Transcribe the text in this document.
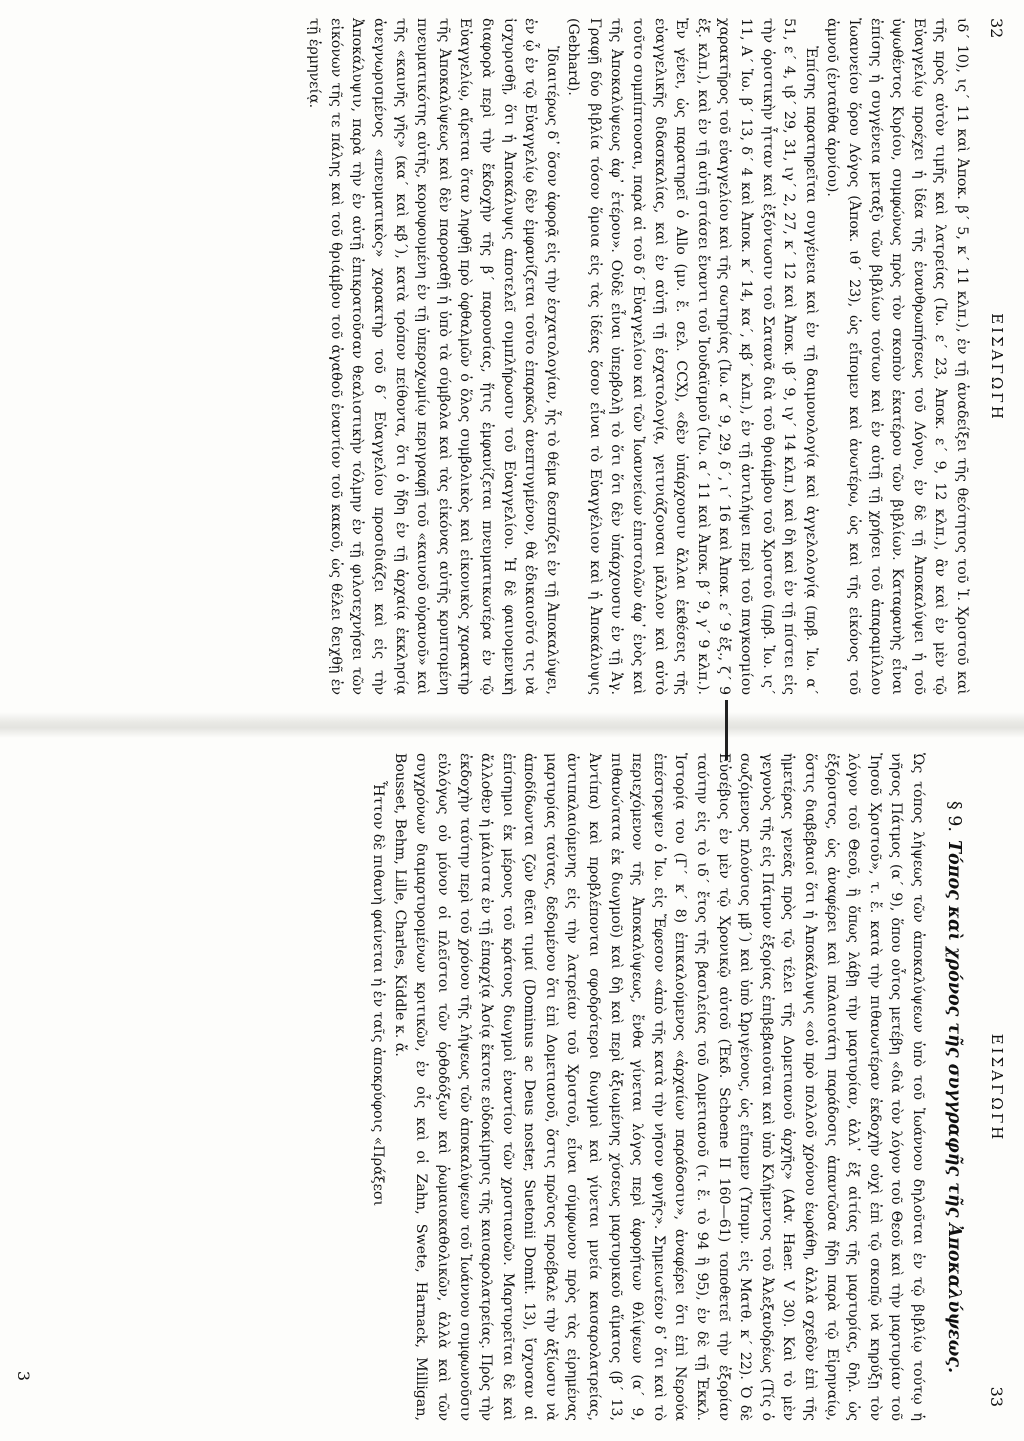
32
ΕΙΣΑΓΩΓΗ

ιδ΄ 10), ις΄ 11 καὶ Ἀποκ. β΄ 5, κ΄ 11 κλπ.), ἐν τῇ ἀναδείξει τῆς θεότητος τοῦ Ἰ. Χριστοῦ καὶ τῆς πρὸς αὐτὸν τιμῆς καὶ λατρείας (Ἰω. ε΄ 23, Ἀποκ. ε΄ 9, 12 κλπ.), ἂν καὶ ἐν μὲν τῷ Εὐαγγελίῳ προέχει ἡ ἰδέα τῆς ἐνανθρωπήσεως τοῦ Λόγου, ἐν δὲ τῇ Ἀποκαλύψει ἡ τοῦ ὑψωθέντος Κυρίου, συμφώνως πρὸς τὸν σκοπὸν ἑκατέρου τῶν βιβλίων. Καταφανὴς εἶναι ἐπίσης ἡ συγγένεια μεταξὺ τῶν βιβλίων τούτων καὶ ἐν αὐτῇ τῇ χρήσει τοῦ ἀπαραμίλλου Ἰωαννείου ὅρου Λόγος (Ἀποκ. ιθ΄ 23), ὡς εἴπομεν καὶ ἀνωτέρω, ὡς καὶ τῆς εἰκόνος τοῦ ἀμνοῦ (ἐνταῦθα ἀρνίου).

Ἐπίσης παρατηρεῖται συγγένεια καὶ ἐν τῇ δαιμονολογίᾳ καὶ ἀγγελολογίᾳ (πρβ. Ἰω. α΄ 51, ε΄ 4, ιβ΄ 29, 31, ιγ΄ 2, 27, κ΄ 12 καὶ Ἀποκ. ιβ΄ 9, ιγ΄ 14 κλπ.) καὶ δὴ καὶ ἐν τῇ πίστει εἰς τὴν ὁριστικὴν ἧτταν καὶ ἐξόντωσιν τοῦ Σατανᾶ διὰ τοῦ θριάμβου τοῦ Χριστοῦ (πρβ. Ἰω. ις΄ 11, Α΄ Ἰω. β΄ 13, δ΄ 4 καὶ Ἀποκ. κ΄ 14, κα΄, κβ΄ κλπ.), ἐν τῇ ἀντιλήψει περὶ τοῦ παγκοσμίου χαρακτῆρος τοῦ εὐαγγελίου καὶ τῆς σωτηρίας (Ἰω. α΄ 9, 29, δ΄, ι΄ 16 καὶ Ἀποκ. ε΄ 9 ἑξ., ζ΄ 9 ἑξ. κλπ.), καὶ ἐν τῇ αὐτῇ στάσει ἔναντι τοῦ Ἰουδαϊσμοῦ (Ἰω. α΄ 11 καὶ Ἀποκ. β΄ 9, γ΄ 9 κλπ.). Ἐν γένει, ὡς παρατηρεῖ ὁ Allo (μν. ἔ. σελ. CCX), «δὲν ὑπάρχουσιν ἄλλαι ἐκθέσεις τῆς εὐαγγελικῆς διδασκαλίας, καὶ ἐν αὐτῇ τῇ ἐσχατολογίᾳ, γειτνιάζουσαι μᾶλλον καὶ αὐτὸ τοῦτο συμπίπτουσαι, παρὰ αἱ τοῦ δ΄ Εὐαγγελίου καὶ τῶν Ἰωαννείων ἐπιστολῶν ἀφ᾽ ἑνὸς καὶ τῆς Ἀποκαλύψεως ἀφ᾽ ἑτέρου». Οὐδὲ εἶναι ὑπερβολὴ τὸ ὅτι ὅτι δὲν ὑπάρχουσιν ἐν τῇ Ἁγ. Γραφῇ δύο βιβλία τόσον ὅμοια εἰς τὰς ἰδέας ὅσον εἶναι τὸ Εὐαγγέλιον καὶ ἡ Ἀποκάλυψις (Gebhard).

Ἰδιαιτέρως δ᾽ ὅσον ἀφορᾷ εἰς τὴν ἐσχατολογίαν, ἧς τὸ θέμα δεσπόζει ἐν τῇ Ἀποκαλύψει, ἐν ᾧ ἐν τῷ Εὐαγγελίῳ δὲν ἐμφανίζεται τοῦτο ἐπαρκῶς ἀνεπτυγμένον, θὰ ἐδικαιοῦτό τις νὰ ἰσχυρισθῇ, ὅτι ἡ Ἀποκάλυψις ἀποτελεῖ συμπλήρωσιν τοῦ Εὐαγγελίου. Ἡ δὲ φαινομενικὴ διαφορὰ περὶ τὴν ἔκδοχὴν τῆς β΄ παρουσίας, ἥτις ἐμφανίζεται πνευματικωτέρα ἐν τῷ Εὐαγγελίῳ, αἴρεται ὅταν ληφθῇ πρὸ ὀφθαλμῶν ὁ ὅλος συμβολικὸς καὶ εἰκονικὸς χαρακτὴρ τῆς Ἀποκαλύψεως καὶ δὲν παροραθῇ ἡ ὑπὸ τὰ σύμβολα καὶ τὰς εἰκόνας αὐτῆς κρυπτομένη πνευματικότης αὐτῆς, κορυφουμένη ἐν τῇ ὑπεροχωμίῳ περιγραφῇ τοῦ «καινοῦ οὐρανοῦ» καὶ τῆς «καινῆς γῆς» (κα΄ καὶ κβ΄), κατὰ τρόπον πείθοντα, ὅτι ὁ ἤδη ἐν τῇ ἀρχαίᾳ ἐκκλησίᾳ ἀνεγνωρισμένος «πνευματικὸς» χαρακτὴρ τοῦ δ΄ Εὐαγγελίου προσιδιάζει καὶ εἰς τὴν Ἀποκάλυψιν, παρὰ τὴν ἐν αὐτῇ ἐπικρατοῦσαν θεαλιστικὴν τόλμην ἐν τῇ φιλοτεχνήσει τῶν εἰκόνων τῆς τε πάλης καὶ τοῦ θριάμβου τοῦ ἀγαθοῦ ἐναντίον τοῦ κακοῦ, ὡς θέλει δειχθῇ ἐν τῇ ἑρμηνείᾳ.

ΕΙΣΑΓΩΓΗ
33
§ 9.Τόπος καὶ χρόνος τῆς συγγραφῆς τῆς Ἀποκαλύψεως.

Ὡς τόπος λήψεως τῶν ἀποκαλύψεων ὑπὸ τοῦ Ἰωάννου δηλοῦται ἐν τῷ βιβλίῳ τούτῳ ἡ νῆσος Πάτμος (α΄ 9), ὅπου οὗτος μετέβη «διὰ τὸν λόγον τοῦ Θεοῦ καὶ τὴν μαρτυρίαν τοῦ Ἰησοῦ Χριστοῦ», τ. ἔ. κατὰ τὴν πιθανωτέραν ἐκδοχὴν οὐχὶ ἐπὶ τῷ σκοπῷ νὰ κηρύξῃ τὸν λόγον τοῦ Θεοῦ, ἢ ὅπως λάβῃ τὴν μαρτυρίαν, ἀλλ᾽ ἐξ αἰτίας τῆς μαρτυρίας, δηλ. ὡς ἐξόριστος, ὡς ἀναφέρει καὶ παλαιοτάτη παράδοσις ἀπαντῶσα ἤδη παρὰ τῷ Εἰρηναίῳ, ὅστις διαβεβαιοῖ ὅτι ἡ Ἀποκάλυψις «οὐ πρὸ πολλοῦ χρόνου ἑωράθη, ἀλλὰ σχεδὸν ἐπὶ τῆς ἡμετέρας γενεᾶς πρὸς τῷ τέλει τῆς Δομετιανοῦ ἀρχῆς» (Adv. Haer. V 30). Καὶ τὸ μὲν γεγονὸς τῆς εἰς Πάτμον ἐξορίας ἐπιβεβαιοῦται καὶ ὑπὸ Κλήμεντος τοῦ Ἀλεξανδρέως (Τίς ὁ σωζόμενος πλούσιος μβ΄) καὶ ὑπὸ Ὠριγένους, ὡς εἴπομεν (Ὑπομν. εἰς Ματθ. κ΄ 22). Ὁ δὲ Εὐσέβιος ἐν μὲν τῷ Χρονικῷ αὐτοῦ (Ἐκδ. Schoene II 160—61) τοποθετεῖ τὴν ἐξορίαν ταύτην εἰς τὸ ιδ΄ ἔτος τῆς βασιλείας τοῦ Δομετιανοῦ (τ. ἔ. τὸ 94 ἢ 95), ἐν δὲ τῇ Ἐκκλ. Ἱστορίᾳ του (Γ΄ κ΄ 8) ἐπικαλούμενος «ἀρχαίων παράδοσιν», ἀναφέρει ὅτι ἐπὶ Νερούα ἐπέστρεψεν ὁ Ἰω. εἰς Ἔφεσον «ἀπὸ τῆς κατὰ τὴν νῆσον φυγῆς». Σημειωτέον δ᾽ ὅτι καὶ τὸ περιεχόμενον τῆς Ἀποκαλύψεως, ἔνθα γίνεται λόγος περὶ ἀφορήτων θλίψεων (α΄ 9, πιθανώτατα ἐκ διωγμοῦ) καὶ δὴ καὶ περὶ ἀξιωμένης χύσεως μαρτυρικοῦ αἵματος (β΄ 13, Ἀντίπα) καὶ προβλέπονται σφοδρότεροι διωγμοὶ καὶ γίνεται μνεία καισαρολατρείας, ἀντιπαλαιόμενης εἰς τὴν λατρείαν τοῦ Χριστοῦ, εἶναι σύμφωνον πρὸς τὰς εἰρημένας μαρτυρίας ταύτας, δεδομένου ὅτι ἐπὶ Δομετιανοῦ, ὅστις πρῶτος προέβαλε τὴν ἀξίωσιν νὰ ἀποδίδωνται ζῶν θεῖαι τιμαί (Dominus ac Deus noster, Suetonii Domit. 13), ἴσχυσαν αἱ ἐπίσημοι ἐκ μέρους τοῦ κράτους διωγμοὶ ἐναντίον τῶν χριστιανῶν. Μαρτυρεῖται δὲ καὶ ἄλλοθεν ἡ μάλιστα ἐν τῇ ἐπαρχίᾳ Ἀσίᾳ ἔκτοτε εὐδοκίμησις τῆς καισαρολατρείας. Πρὸς τὴν ἐκδοχὴν ταύτην περὶ τοῦ χρόνου τῆς λήψεως τῶν ἀποκαλύψεων τοῦ Ἰωάννου συμφωνοῦσιν εὐλόγως οὐ μόνον οἱ πλεῖστοι τῶν ὀρθοδόξων καὶ ῥωμαιοκαθολικῶν, ἀλλὰ καὶ τῶν συγχρόνων διαμαρτυρομένων κριτικῶν, ἐν οἷς καὶ οἱ Zahn, Swete, Harnack, Milligan, Bousset, Behm, Lille, Charles, Kiddle κ. ἄ.

Ἧττον δὲ πιθανὴ φαίνεται ἡ ἐν ταῖς ἀποκρύφοις «Πράξεσι

3
